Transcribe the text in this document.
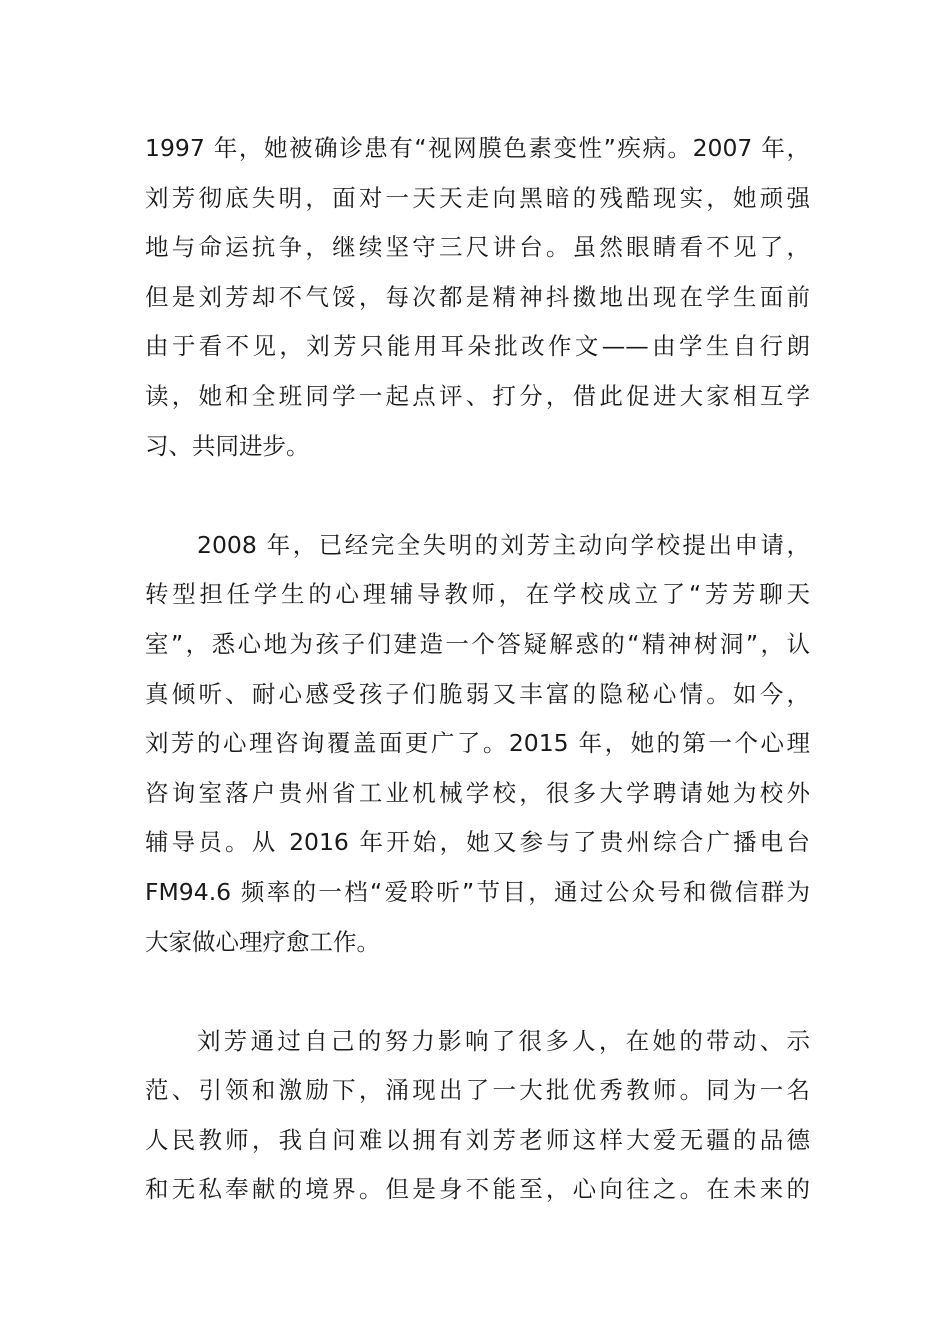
1997 年，她被确诊患有“视网膜色素变性”疾病。2007 年，
刘芳彻底失明，面对一天天走向黑暗的残酷现实，她顽强
地与命运抗争，继续坚守三尺讲台。虽然眼睛看不见了，
但是刘芳却不气馁，每次都是精神抖擞地出现在学生面前
由于看不见，刘芳只能用耳朵批改作文——由学生自行朗
读，她和全班同学一起点评、打分，借此促进大家相互学
习、共同进步。
2008 年，已经完全失明的刘芳主动向学校提出申请，
转型担任学生的心理辅导教师，在学校成立了“芳芳聊天
室”，悉心地为孩子们建造一个答疑解惑的“精神树洞”，认
真倾听、耐心感受孩子们脆弱又丰富的隐秘心情。如今，
刘芳的心理咨询覆盖面更广了。2015 年，她的第一个心理
咨询室落户贵州省工业机械学校，很多大学聘请她为校外
辅导员。从 2016 年开始，她又参与了贵州综合广播电台
FM94.6 频率的一档“爱聆听”节目，通过公众号和微信群为
大家做心理疗愈工作。
刘芳通过自己的努力影响了很多人，在她的带动、示
范、引领和激励下，涌现出了一大批优秀教师。同为一名
人民教师，我自问难以拥有刘芳老师这样大爱无疆的品德
和无私奉献的境界。但是身不能至，心向往之。在未来的
